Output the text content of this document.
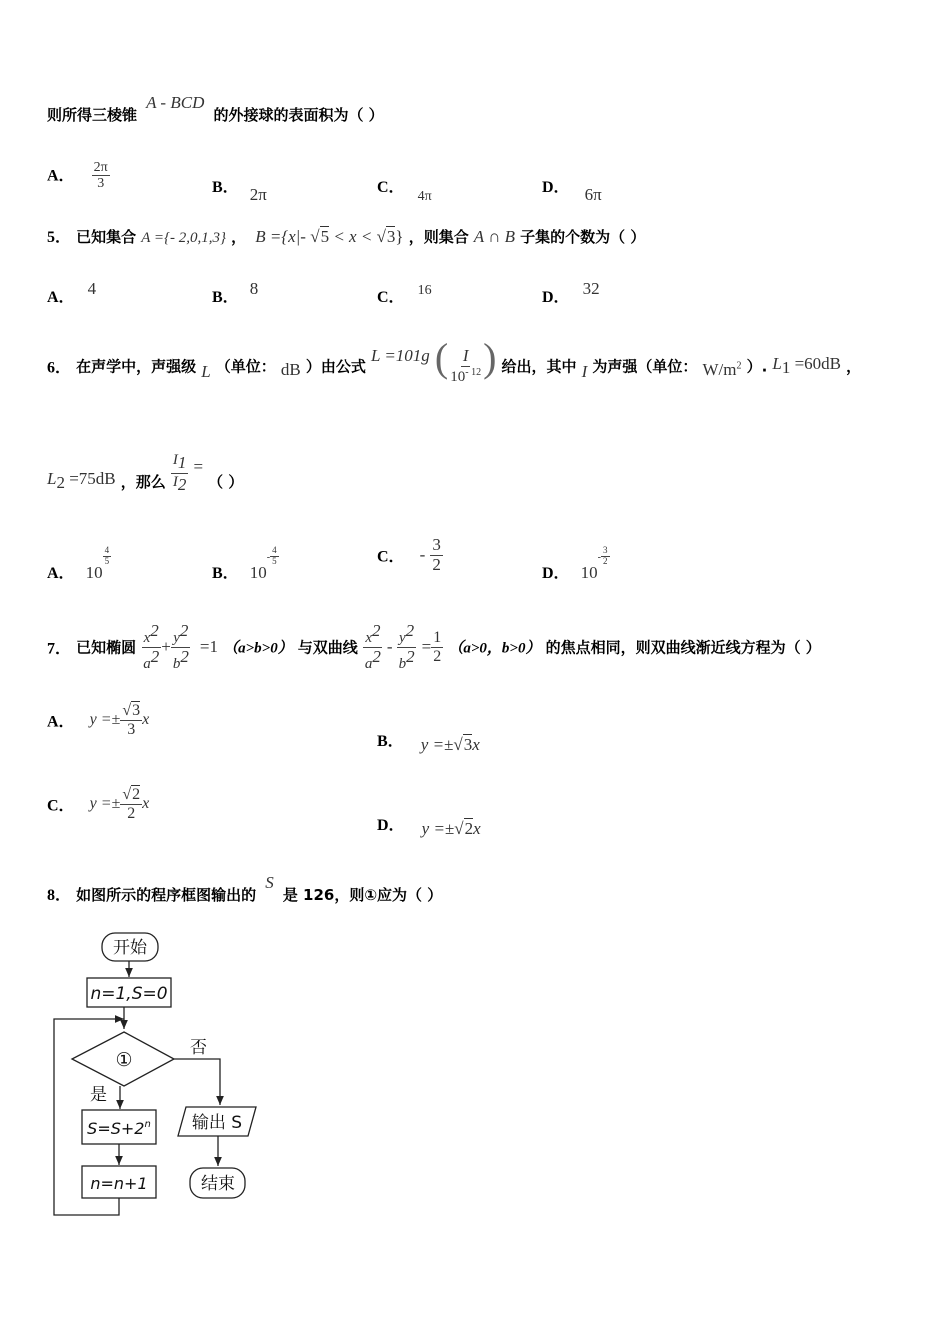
则所得三棱锥 A - BCD 的外接球的表面积为（ ）
A． $\frac{2\pi}{3}$	B． 2π	C． 4π
D． 6π
5． 已知集合 A ={- 2,0,1,3} ， B ={x|- √5 < x < √3} ，则集合 A ∩ B 子集的个数为（ ）
A． 4	B． 8	C． 16	D． 32
6． 在声学中，声强级 L （单位： dB ）由公式 L =101g ( $\frac{I}{10^{- 12}}$ ) 给出，其中 I 为声强（单位： $W/m^2$ ）. $L_1 =60dB$ ，
$L_2 =75dB$ ，那么 $\frac{I_1}{I_2}$ = （ ）
A． 10
$\frac{4}{5}$
B． $10^- \frac{4}{5}$	C． - $\frac{3}{2}$	D． $10^- \frac{3}{2}$
7． 已知椭圆 $\frac{x^2}{a^2} + \frac{y^2}{b^2} =1$ （a>b>0） 与双曲线 $\frac{x^2}{a^2} - \frac{y^2}{b^2} = \frac{1}{2} (a>0$，b>0） 的焦点相同，则双曲线渐近线方程为（ ）
A． $y =\pm \frac{√3}{3}$ x
B． y =±√3x
C． $y =\pm \frac{√2}{2}$ x
D． y =±√2x
8． 如图所示的程序框图输出的 S 是 126，则①应为（ ）
开始
n=1,S=0
①
否
是
$S=S+2^n$
n=n+1
输出 S
结束
